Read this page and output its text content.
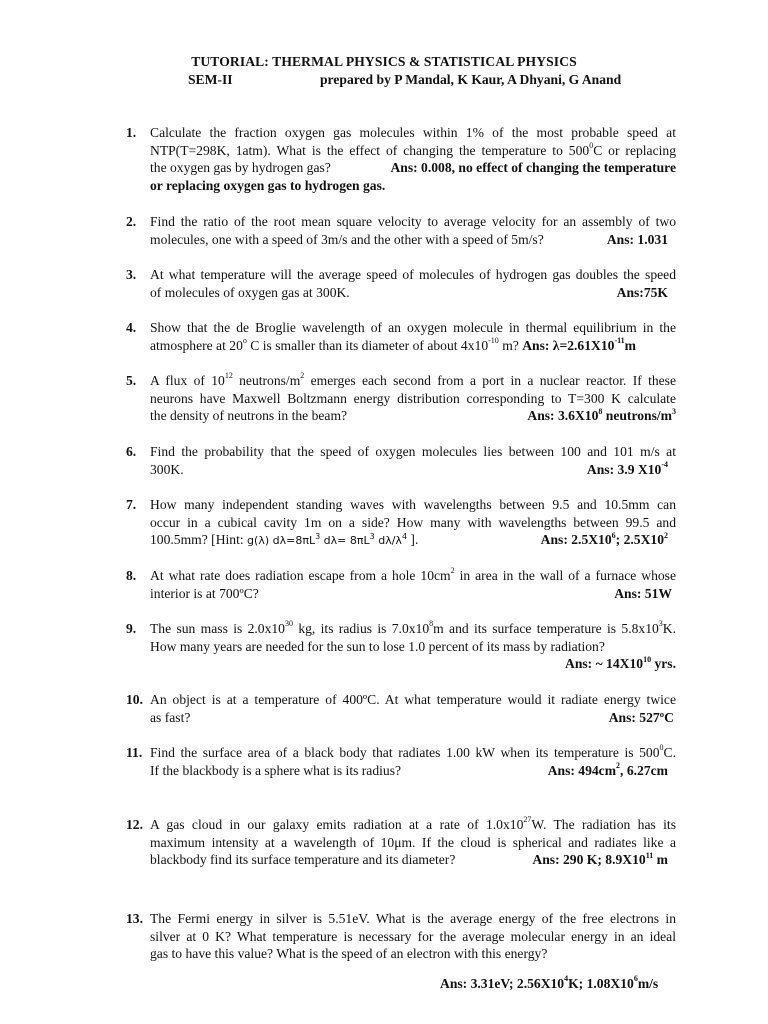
TUTORIAL: THERMAL PHYSICS & STATISTICAL PHYSICS
SEM-II	prepared by P Mandal, K Kaur, A Dhyani, G Anand
1.	Calculate the fraction oxygen gas molecules within 1% of the most probable speed at
NTP(T=298K, 1atm). What is the effect of changing the temperature to $500^0C$ or replacing
the oxygen gas by hydrogen gas?	Ans: 0.008, no effect of changing the temperature
or replacing oxygen gas to hydrogen gas.
2.	Find the ratio of the root mean square velocity to average velocity for an assembly of two
molecules, one with a speed of 3m/s and the other with a speed of 5m/s?	Ans: 1.031
3.	At what temperature will the average speed of molecules of hydrogen gas doubles the speed
of molecules of oxygen gas at 300K.	Ans:75K
4.	Show that the de Broglie wavelength of an oxygen molecule in thermal equilibrium in the
atmosphere at 20$^o$ C is smaller than its diameter of about $4x10^{-10}$ m? Ans: $\lambda=2.61X10^{-11}m$
5.	A flux of $10^{12}$ neutrons/$m^2$ emerges each second from a port in a nuclear reactor. If these
neurons have Maxwell Boltzmann energy distribution corresponding to T=300 K calculate
the density of neutrons in the beam?	Ans: $3.6X10^8$ neutrons/$m^3$
6.	Find the probability that the speed of oxygen molecules lies between 100 and 101 m/s at
300K.	Ans: 3.9 $X10^{-4}$
7.	How many independent standing waves with wavelengths between 9.5 and 10.5mm can
occur in a cubical cavity 1m on a side? How many with wavelengths between 99.5 and
100.5mm? [Hint: g(λ) $d\lambda=8\pi L^3$ $d\lambda= 8\pi L^3$ $d\lambda/\lambda^4$ ].	Ans: $2.5X10^6$; $2.5X10^2$
8.	At what rate does radiation escape from a hole $10cm^2$ in area in the wall of a furnace whose
interior is at 700ºC?	Ans: 51W
9.	The sun mass is $2.0x10^{30}$ kg, its radius is $7.0x10^8m$ and its surface temperature is $5.8x10^3K$.
How many years are needed for the sun to lose 1.0 percent of its mass by radiation?
Ans: ~ $14X10^{10}$ yrs.
10. An object is at a temperature of 400ºC. At what temperature would it radiate energy twice
as fast?	Ans: 527ºC
11. Find the surface area of a black body that radiates 1.00 kW when its temperature is $500^0C$.
If the blackbody is a sphere what is its radius?	Ans: $494cm^2$, 6.27cm
12. A gas cloud in our galaxy emits radiation at a rate of $1.0x10^{27}W$. The radiation has its
maximum intensity at a wavelength of 10μm. If the cloud is spherical and radiates like a
blackbody find its surface temperature and its diameter?	Ans: 290 K; $8.9X10^{11}$ m
13. The Fermi energy in silver is 5.51eV. What is the average energy of the free electrons in
silver at 0 K? What temperature is necessary for the average molecular energy in an ideal
gas to have this value? What is the speed of an electron with this energy?
Ans: 3.31eV; $2.56X10^4K$; $1.08X10^6m/s$
